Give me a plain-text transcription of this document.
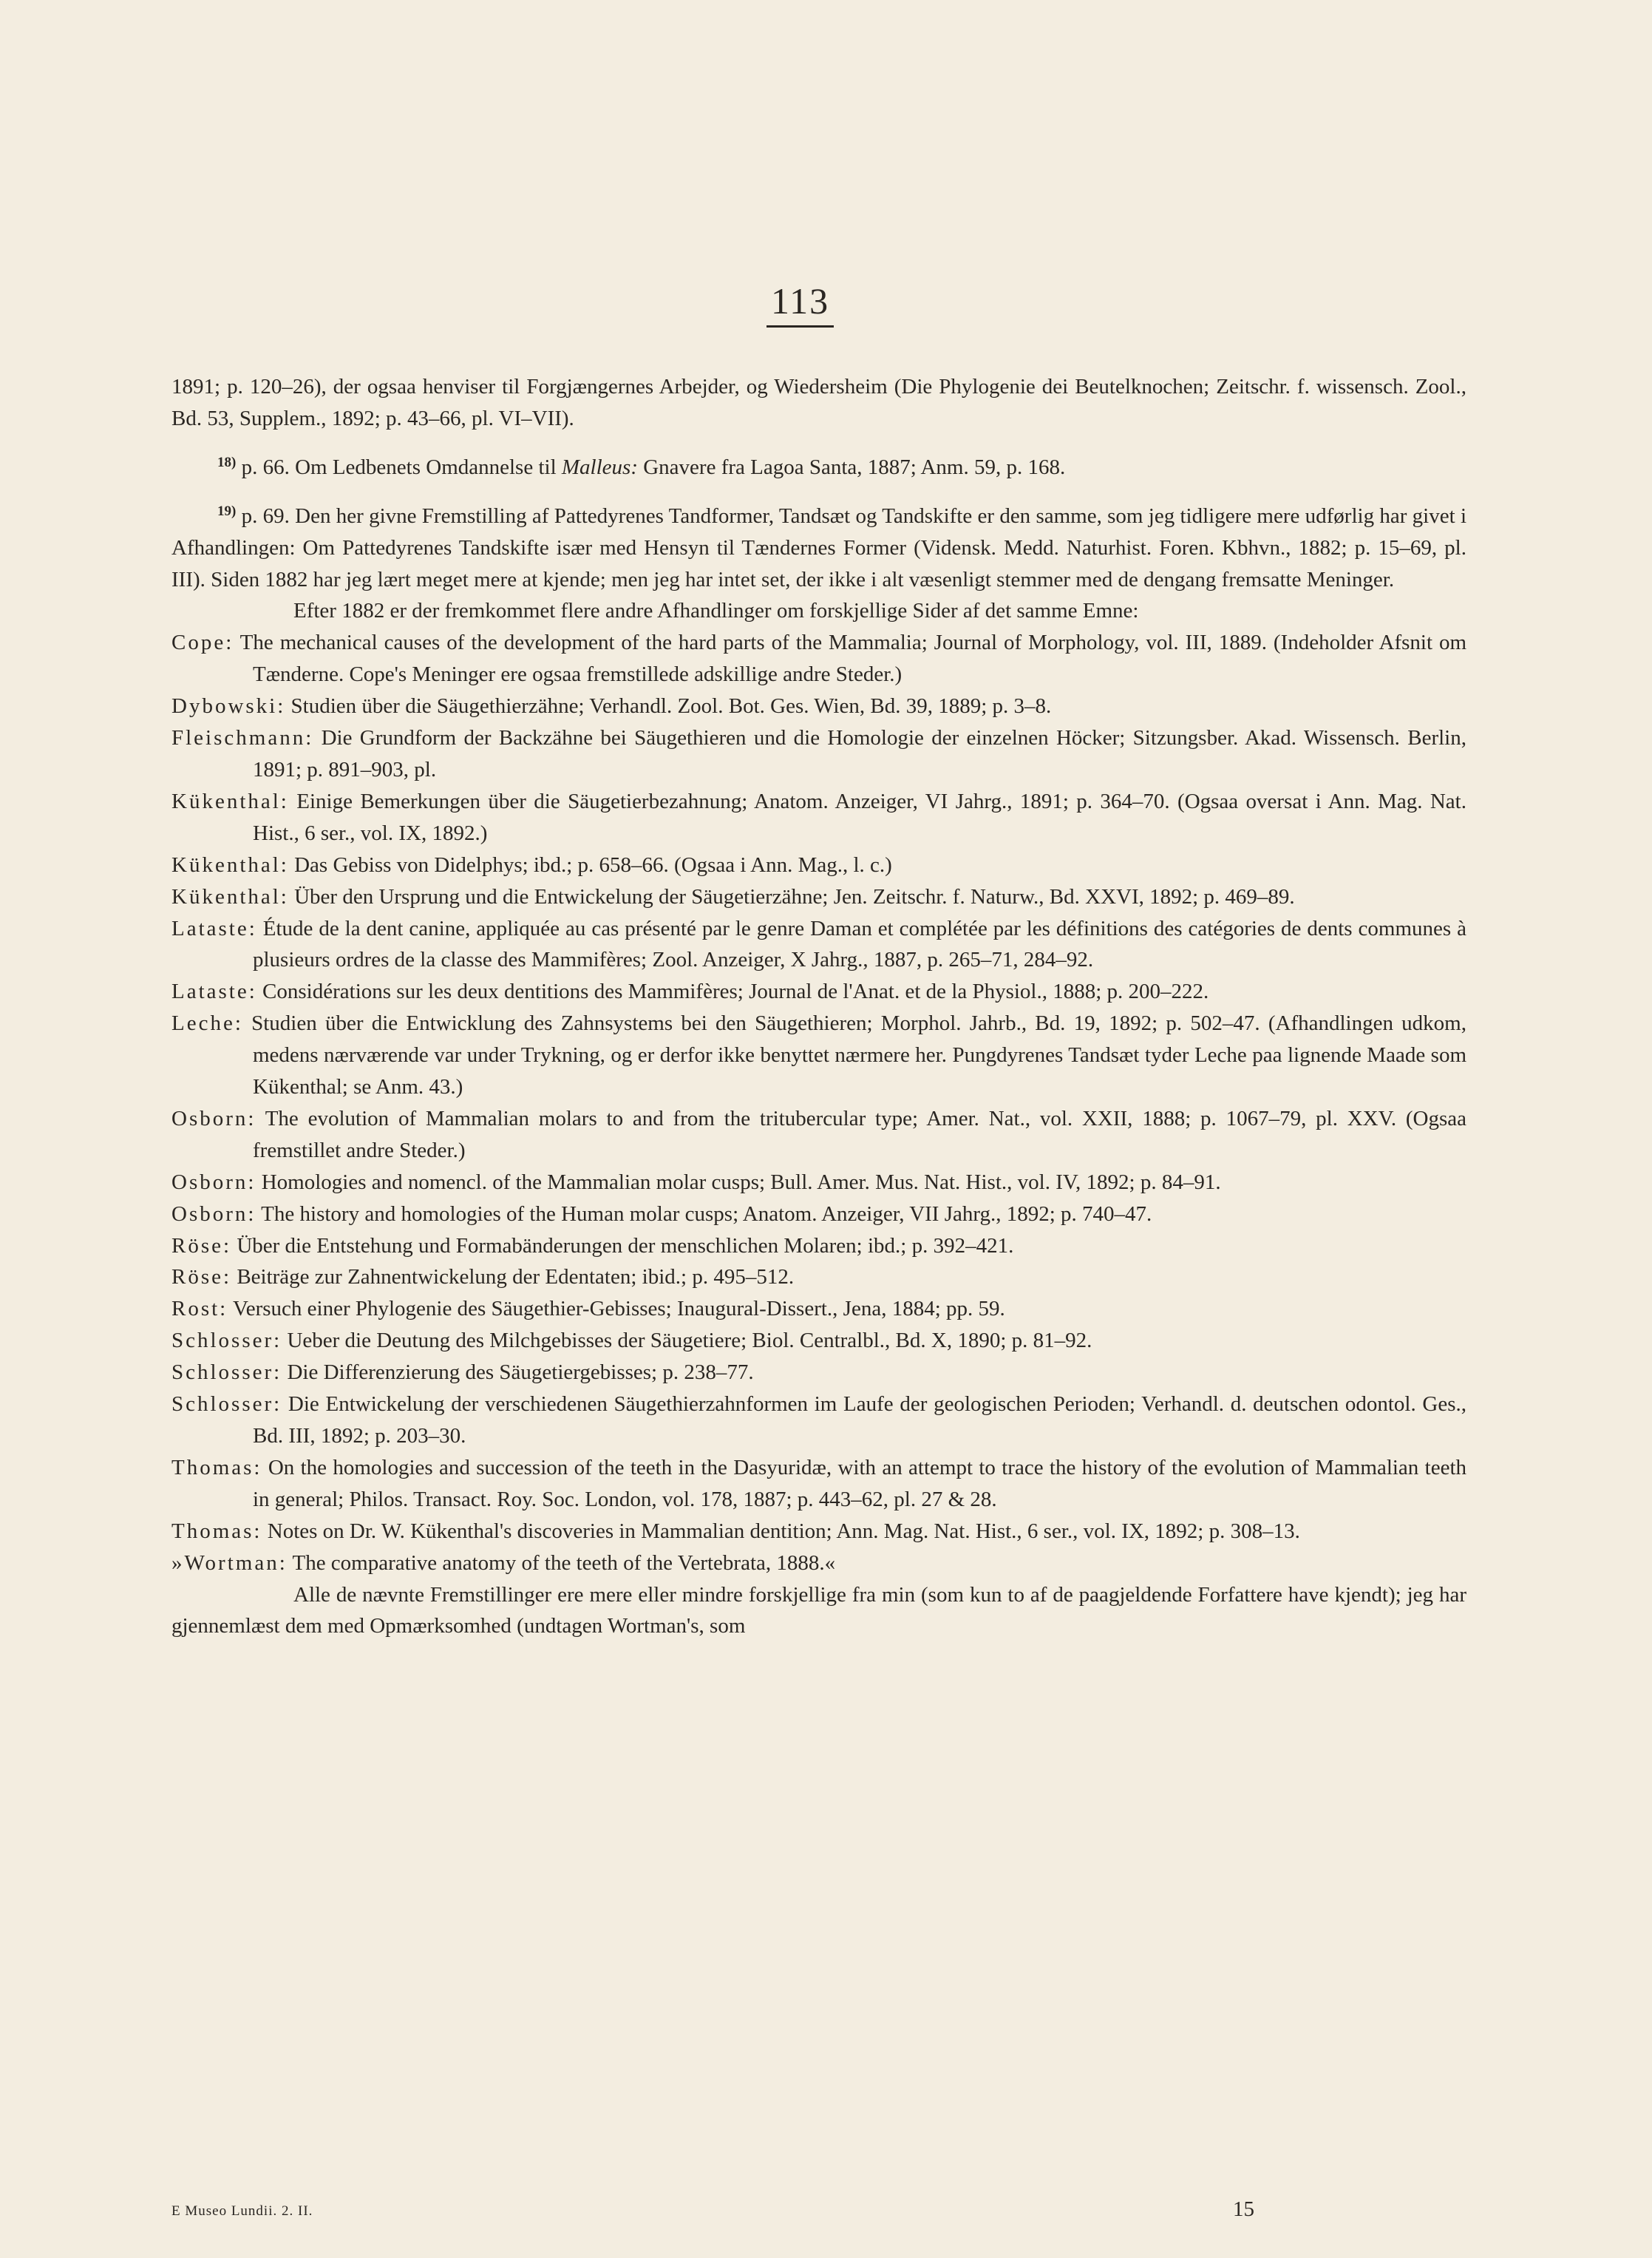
113

1891; p. 120–26), der ogsaa henviser til Forgjængernes Arbejder, og Wiedersheim (Die Phylogenie dei Beutelknochen; Zeitschr. f. wissensch. Zool., Bd. 53, Supplem., 1892; p. 43–66, pl. VI–VII).

$^{18)}$ p. 66. Om Ledbenets Omdannelse til Malleus: Gnavere fra Lagoa Santa, 1887; Anm. 59, p. 168.

$^{19)}$ p. 69. Den her givne Fremstilling af Pattedyrenes Tandformer, Tandsæt og Tandskifte er den samme, som jeg tidligere mere udførlig har givet i Afhandlingen: Om Pattedyrenes Tandskifte især med Hensyn til Tændernes Former (Vidensk. Medd. Naturhist. Foren. Kbhvn., 1882; p. 15–69, pl. III). Siden 1882 har jeg lært meget mere at kjende; men jeg har intet set, der ikke i alt væsenligt stemmer med de dengang fremsatte Meninger.

Efter 1882 er der fremkommet flere andre Afhandlinger om forskjellige Sider af det samme Emne:

Cope: The mechanical causes of the development of the hard parts of the Mammalia; Journal of Morphology, vol. III, 1889. (Indeholder Afsnit om Tænderne. Cope's Meninger ere ogsaa fremstillede adskillige andre Steder.)

Dybowski: Studien über die Säugethierzähne; Verhandl. Zool. Bot. Ges. Wien, Bd. 39, 1889; p. 3–8.

Fleischmann: Die Grundform der Backzähne bei Säugethieren und die Homologie der einzelnen Höcker; Sitzungsber. Akad. Wissensch. Berlin, 1891; p. 891–903, pl.

Kükenthal: Einige Bemerkungen über die Säugetierbezahnung; Anatom. Anzeiger, VI Jahrg., 1891; p. 364–70. (Ogsaa oversat i Ann. Mag. Nat. Hist., 6 ser., vol. IX, 1892.)

Kükenthal: Das Gebiss von Didelphys; ibd.; p. 658–66. (Ogsaa i Ann. Mag., l. c.)

Kükenthal: Über den Ursprung und die Entwickelung der Säugetierzähne; Jen. Zeitschr. f. Naturw., Bd. XXVI, 1892; p. 469–89.

Lataste: Étude de la dent canine, appliquée au cas présenté par le genre Daman et complétée par les définitions des catégories de dents communes à plusieurs ordres de la classe des Mammifères; Zool. Anzeiger, X Jahrg., 1887, p. 265–71, 284–92.

Lataste: Considérations sur les deux dentitions des Mammifères; Journal de l'Anat. et de la Physiol., 1888; p. 200–222.

Leche: Studien über die Entwicklung des Zahnsystems bei den Säugethieren; Morphol. Jahrb., Bd. 19, 1892; p. 502–47. (Afhandlingen udkom, medens nærværende var under Trykning, og er derfor ikke benyttet nærmere her. Pungdyrenes Tandsæt tyder Leche paa lignende Maade som Kükenthal; se Anm. 43.)

Osborn: The evolution of Mammalian molars to and from the tritubercular type; Amer. Nat., vol. XXII, 1888; p. 1067–79, pl. XXV. (Ogsaa fremstillet andre Steder.)

Osborn: Homologies and nomencl. of the Mammalian molar cusps; Bull. Amer. Mus. Nat. Hist., vol. IV, 1892; p. 84–91.

Osborn: The history and homologies of the Human molar cusps; Anatom. Anzeiger, VII Jahrg., 1892; p. 740–47.

Röse: Über die Entstehung und Formabänderungen der menschlichen Molaren; ibd.; p. 392–421.

Röse: Beiträge zur Zahnentwickelung der Edentaten; ibid.; p. 495–512.

Rost: Versuch einer Phylogenie des Säugethier-Gebisses; Inaugural-Dissert., Jena, 1884; pp. 59.

Schlosser: Ueber die Deutung des Milchgebisses der Säugetiere; Biol. Centralbl., Bd. X, 1890; p. 81–92.

Schlosser: Die Differenzierung des Säugetiergebisses; p. 238–77.

Schlosser: Die Entwickelung der verschiedenen Säugethierzahnformen im Laufe der geologischen Perioden; Verhandl. d. deutschen odontol. Ges., Bd. III, 1892; p. 203–30.

Thomas: On the homologies and succession of the teeth in the Dasyuridæ, with an attempt to trace the history of the evolution of Mammalian teeth in general; Philos. Transact. Roy. Soc. London, vol. 178, 1887; p. 443–62, pl. 27 & 28.

Thomas: Notes on Dr. W. Kükenthal's discoveries in Mammalian dentition; Ann. Mag. Nat. Hist., 6 ser., vol. IX, 1892; p. 308–13.

»Wortman: The comparative anatomy of the teeth of the Vertebrata, 1888.«

Alle de nævnte Fremstillinger ere mere eller mindre forskjellige fra min (som kun to af de paagjeldende Forfattere have kjendt); jeg har gjennemlæst dem med Opmærksomhed (undtagen Wortman's, som

E Museo Lundii. 2. II.	15
